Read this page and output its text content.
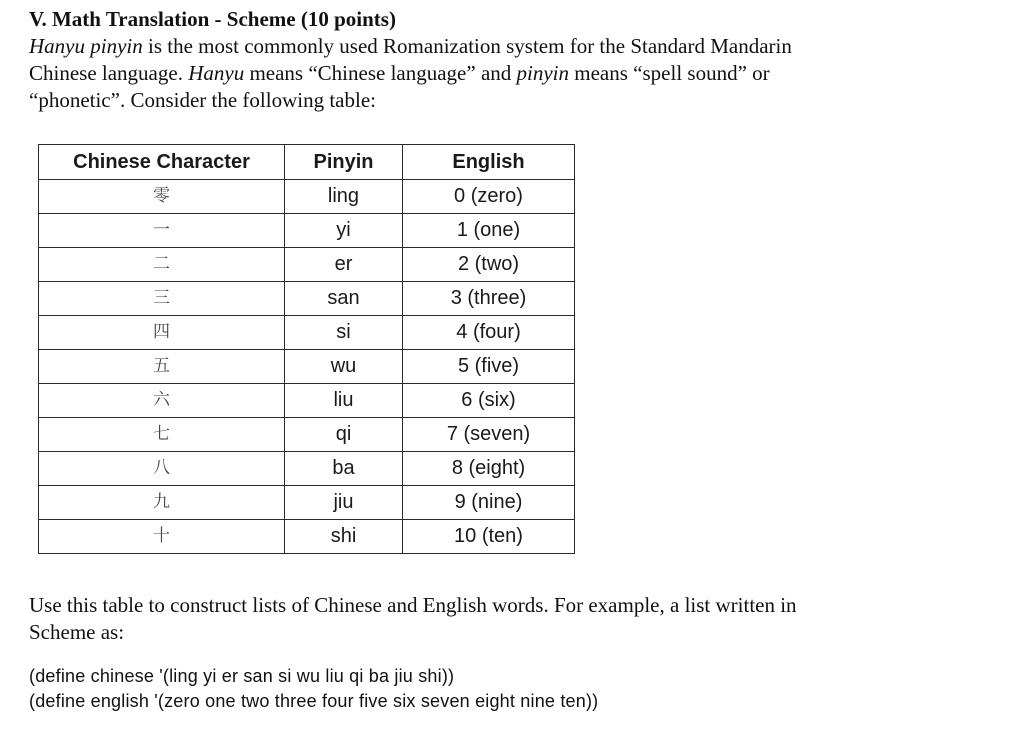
V. Math Translation - Scheme (10 points)

Hanyu pinyin is the most commonly used Romanization system for the Standard Mandarin
Chinese language. Hanyu means “Chinese language” and pinyin means “spell sound” or
“phonetic”. Consider the following table:

Chinese Character	Pinyin	English
零	ling	0 (zero)
一	yi	1 (one)
二	er	2 (two)
三	san	3 (three)
四	si	4 (four)
五	wu	5 (five)
六	liu	6 (six)
七	qi	7 (seven)
八	ba	8 (eight)
九	jiu	9 (nine)
十	shi	10 (ten)

Use this table to construct lists of Chinese and English words. For example, a list written in
Scheme as:

(define chinese '(ling yi er san si wu liu qi ba jiu shi))

(define english '(zero one two three four five six seven eight nine ten))
